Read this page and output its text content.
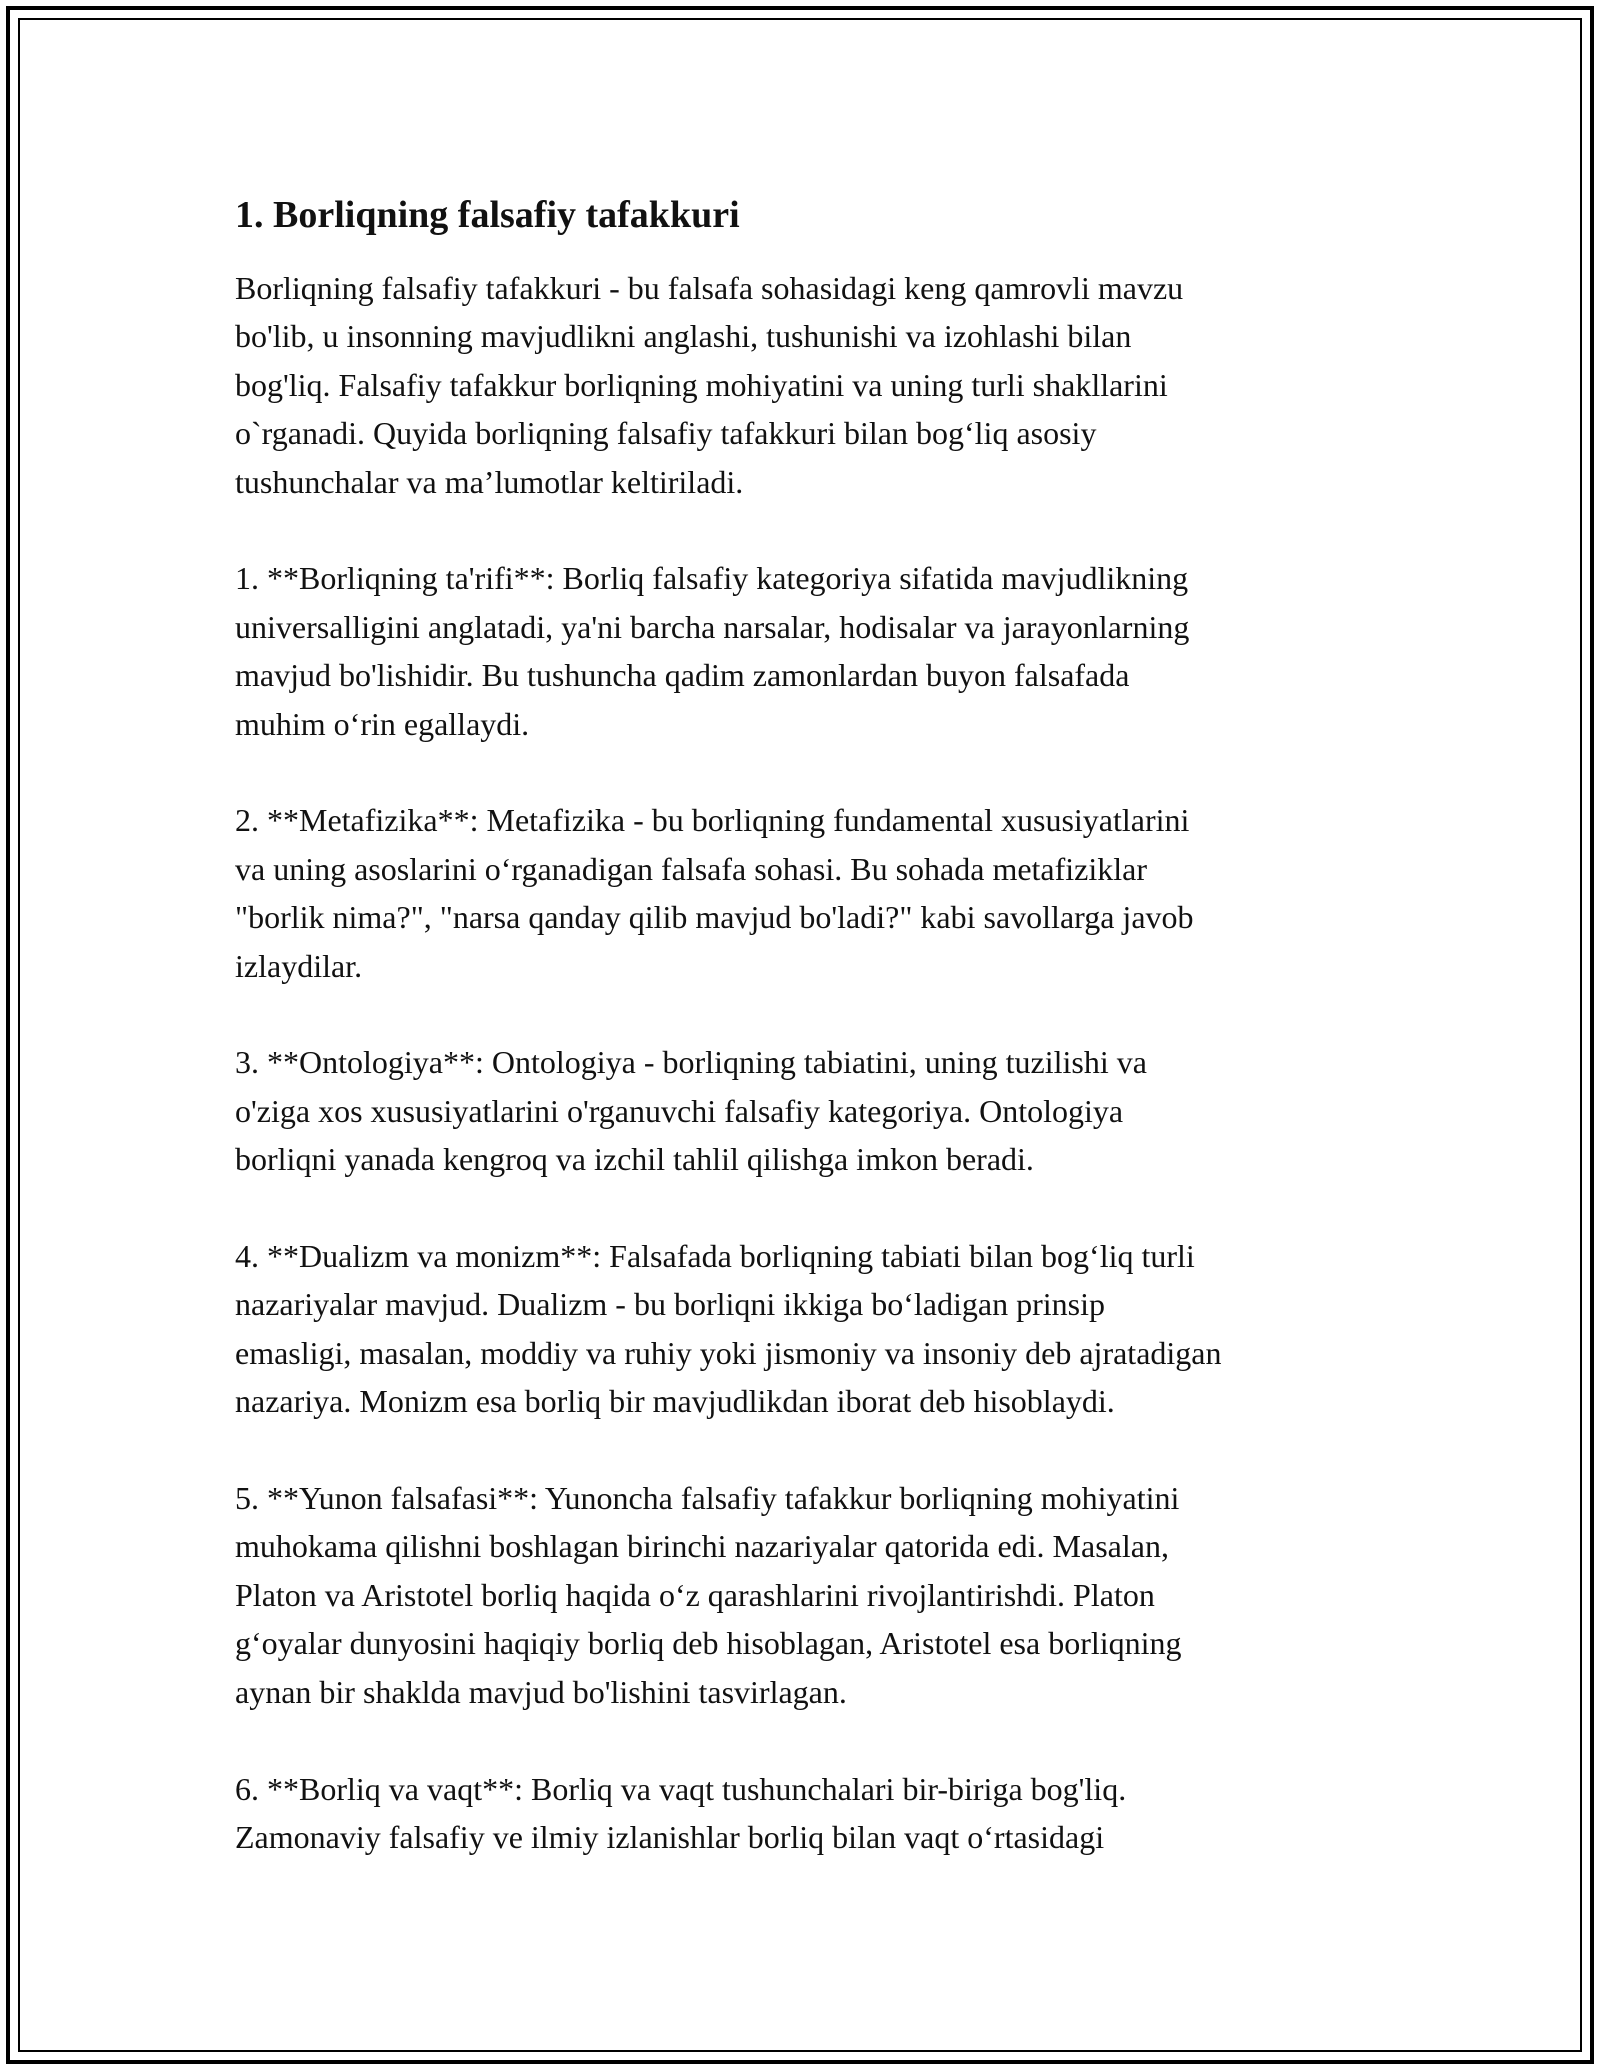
1. Borliqning falsafiy tafakkuri

Borliqning falsafiy tafakkuri - bu falsafa sohasidagi keng qamrovli mavzu
bo'lib, u insonning mavjudlikni anglashi, tushunishi va izohlashi bilan
bog'liq. Falsafiy tafakkur borliqning mohiyatini va uning turli shakllarini
o`rganadi. Quyida borliqning falsafiy tafakkuri bilan bog‘liq asosiy
tushunchalar va ma’lumotlar keltiriladi.

1. **Borliqning ta'rifi**: Borliq falsafiy kategoriya sifatida mavjudlikning
universalligini anglatadi, ya'ni barcha narsalar, hodisalar va jarayonlarning
mavjud bo'lishidir. Bu tushuncha qadim zamonlardan buyon falsafada
muhim o‘rin egallaydi.

2. **Metafizika**: Metafizika - bu borliqning fundamental xususiyatlarini
va uning asoslarini o‘rganadigan falsafa sohasi. Bu sohada metafiziklar
"borlik nima?", "narsa qanday qilib mavjud bo'ladi?" kabi savollarga javob
izlaydilar.

3. **Ontologiya**: Ontologiya - borliqning tabiatini, uning tuzilishi va
o'ziga xos xususiyatlarini o'rganuvchi falsafiy kategoriya. Ontologiya
borliqni yanada kengroq va izchil tahlil qilishga imkon beradi.

4. **Dualizm va monizm**: Falsafada borliqning tabiati bilan bog‘liq turli
nazariyalar mavjud. Dualizm - bu borliqni ikkiga bo‘ladigan prinsip
emasligi, masalan, moddiy va ruhiy yoki jismoniy va insoniy deb ajratadigan
nazariya. Monizm esa borliq bir mavjudlikdan iborat deb hisoblaydi.

5. **Yunon falsafasi**: Yunoncha falsafiy tafakkur borliqning mohiyatini
muhokama qilishni boshlagan birinchi nazariyalar qatorida edi. Masalan,
Platon va Aristotel borliq haqida o‘z qarashlarini rivojlantirishdi. Platon
g‘oyalar dunyosini haqiqiy borliq deb hisoblagan, Aristotel esa borliqning
aynan bir shaklda mavjud bo'lishini tasvirlagan.

6. **Borliq va vaqt**: Borliq va vaqt tushunchalari bir-biriga bog'liq.
Zamonaviy falsafiy ve ilmiy izlanishlar borliq bilan vaqt o‘rtasidagi
